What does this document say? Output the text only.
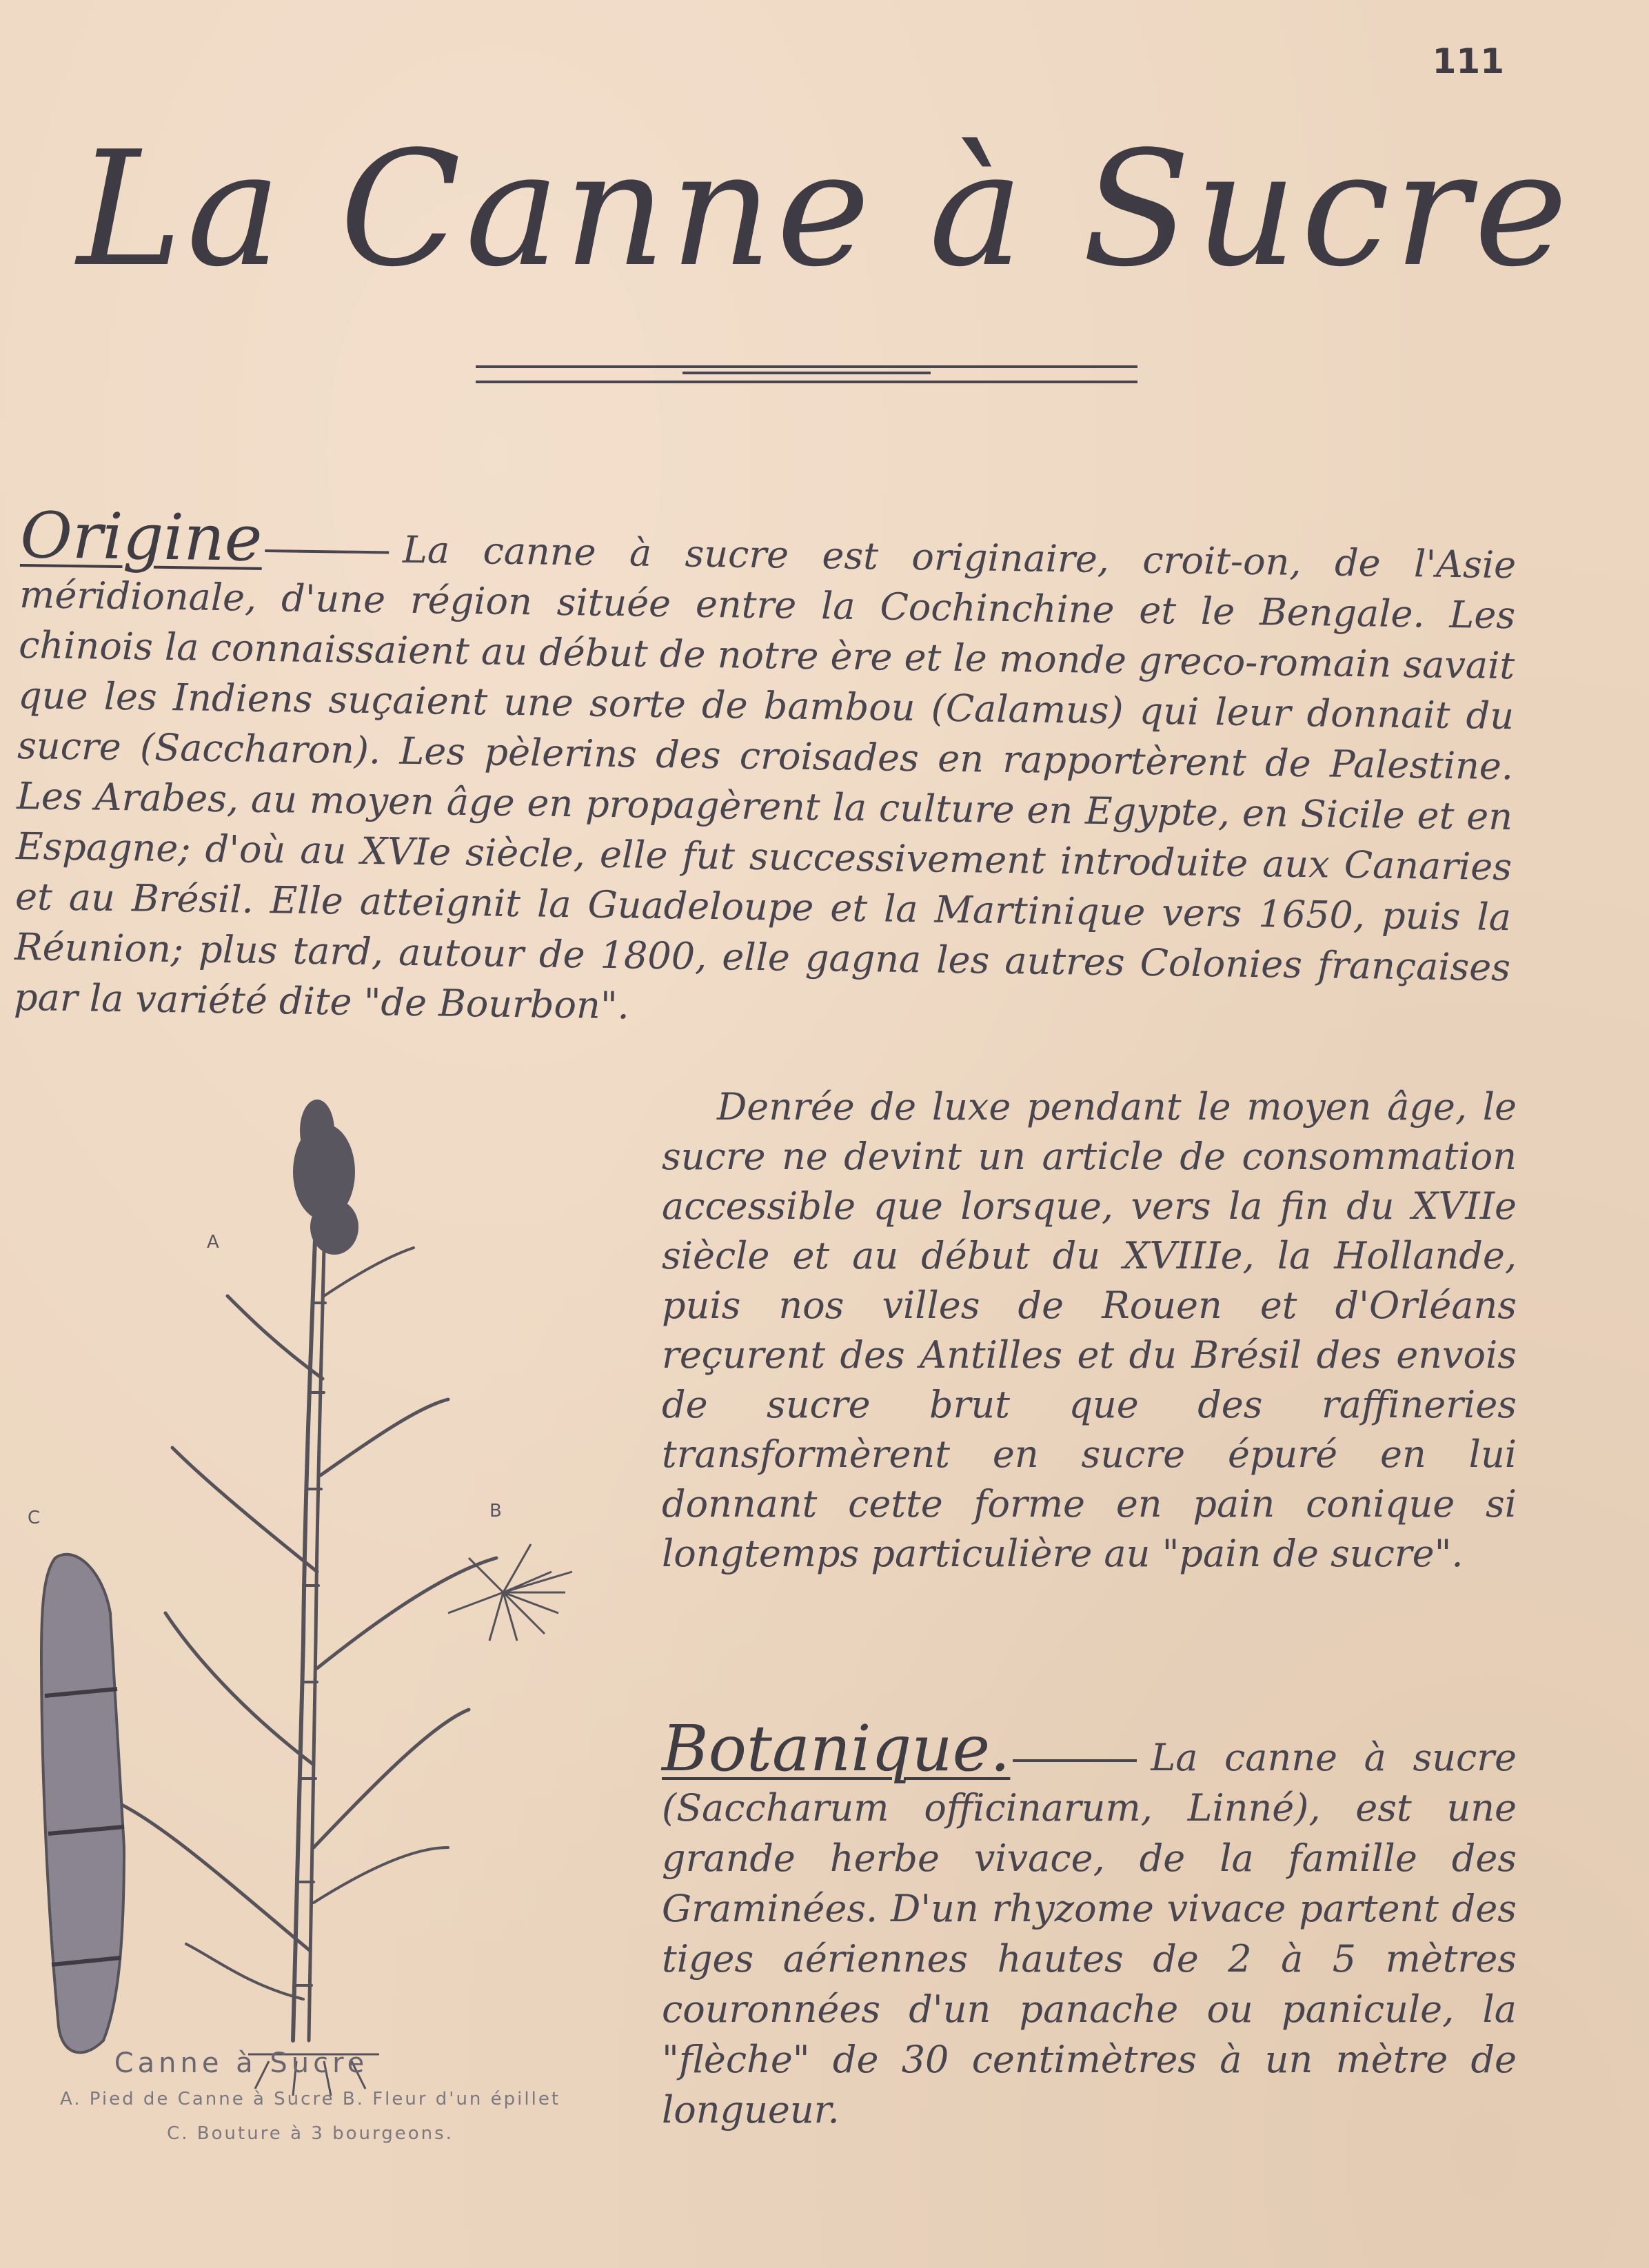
111
La Canne à Sucre
Origine	La canne à sucre est originaire, croit-on, de l'Asie méridionale, d'une région située entre la Cochinchine et le Bengale. Les chinois la connaissaient au début de notre ère et le monde greco-romain savait que les Indiens suçaient une sorte de bambou (Calamus) qui leur donnait du sucre (Saccharon). Les pèlerins des croisades en rapportèrent de Palestine. Les Arabes, au moyen âge en propagèrent la culture en Egypte, en Sicile et en Espagne; d'où au XVIe siècle, elle fut successivement introduite aux Canaries et au Brésil. Elle atteignit la Guadeloupe et la Martinique vers 1650, puis la Réunion; plus tard, autour de 1800, elle gagna les autres Colonies françaises par la variété dite "de Bourbon".
Denrée de luxe pendant le moyen âge, le sucre ne devint un article de consommation accessible que lorsque, vers la fin du XVIIe siècle et au début du XVIIIe, la Hollande, puis nos villes de Rouen et d'Orléans reçurent des Antilles et du Brésil des envois de sucre brut que des raffineries transformèrent en sucre épuré en lui donnant cette forme en pain conique si longtemps particulière au "pain de sucre".
A
B
C
Canne à Sucre
A. Pied de Canne à Sucre B. Fleur d'un épillet
C. Bouture à 3 bourgeons.
Botanique.	La canne à sucre (Saccharum officinarum, Linné), est une grande herbe vivace, de la famille des Graminées. D'un rhyzome vivace partent des tiges aériennes hautes de 2 à 5 mètres couronnées d'un panache ou panicule, la "flèche" de 30 centimètres à un mètre de longueur.
